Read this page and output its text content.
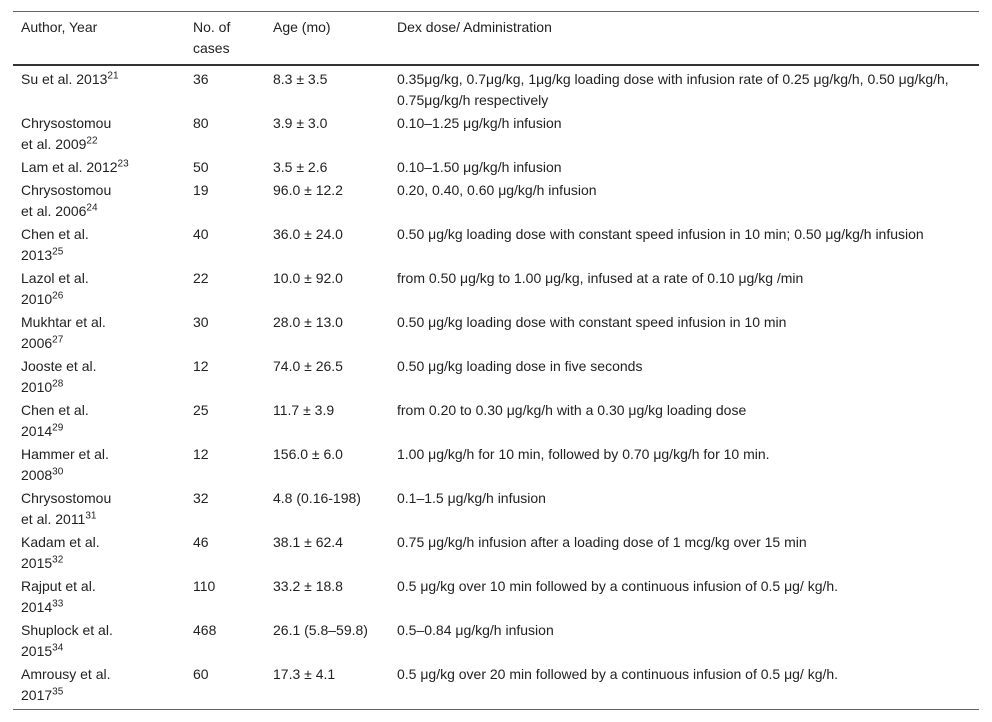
Author, Year	No. of cases	Age (mo)	Dex dose/ Administration
Su et al. 2013$^{21}$	36	8.3 ± 3.5	0.35μg/kg, 0.7μg/kg, 1μg/kg loading dose with infusion rate of 0.25 μg/kg/h, 0.50 μg/kg/h, 0.75μg/kg/h respectively
Chrysostomou
et al. 2009$^{22}$	80	3.9 ± 3.0	0.10–1.25 μg/kg/h infusion
Lam et al. 2012$^{23}$	50	3.5 ± 2.6	0.10–1.50 μg/kg/h infusion
Chrysostomou
et al. 2006$^{24}$	19	96.0 ± 12.2	0.20, 0.40, 0.60 μg/kg/h infusion
Chen et al.
2013$^{25}$	40	36.0 ± 24.0	0.50 μg/kg loading dose with constant speed infusion in 10 min; 0.50 μg/kg/h infusion
Lazol et al.
2010$^{26}$	22	10.0 ± 92.0	from 0.50 μg/kg to 1.00 μg/kg, infused at a rate of 0.10 μg/kg /min
Mukhtar et al.
2006$^{27}$	30	28.0 ± 13.0	0.50 μg/kg loading dose with constant speed infusion in 10 min
Jooste et al.
2010$^{28}$	12	74.0 ± 26.5	0.50 μg/kg loading dose in five seconds
Chen et al.
2014$^{29}$	25	11.7 ± 3.9	from 0.20 to 0.30 μg/kg/h with a 0.30 μg/kg loading dose
Hammer et al.
2008$^{30}$	12	156.0 ± 6.0	1.00 μg/kg/h for 10 min, followed by 0.70 μg/kg/h for 10 min.
Chrysostomou
et al. 2011$^{31}$	32	4.8 (0.16-198)	0.1–1.5 μg/kg/h infusion
Kadam et al.
2015$^{32}$	46	38.1 ± 62.4	0.75 μg/kg/h infusion after a loading dose of 1 mcg/kg over 15 min
Rajput et al.
2014$^{33}$	110	33.2 ± 18.8	0.5 μg/kg over 10 min followed by a continuous infusion of 0.5 μg/ kg/h.
Shuplock et al.
2015$^{34}$	468	26.1 (5.8–59.8)	0.5–0.84 μg/kg/h infusion
Amrousy et al.
2017$^{35}$	60	17.3 ± 4.1	0.5 μg/kg over 20 min followed by a continuous infusion of 0.5 μg/ kg/h.
